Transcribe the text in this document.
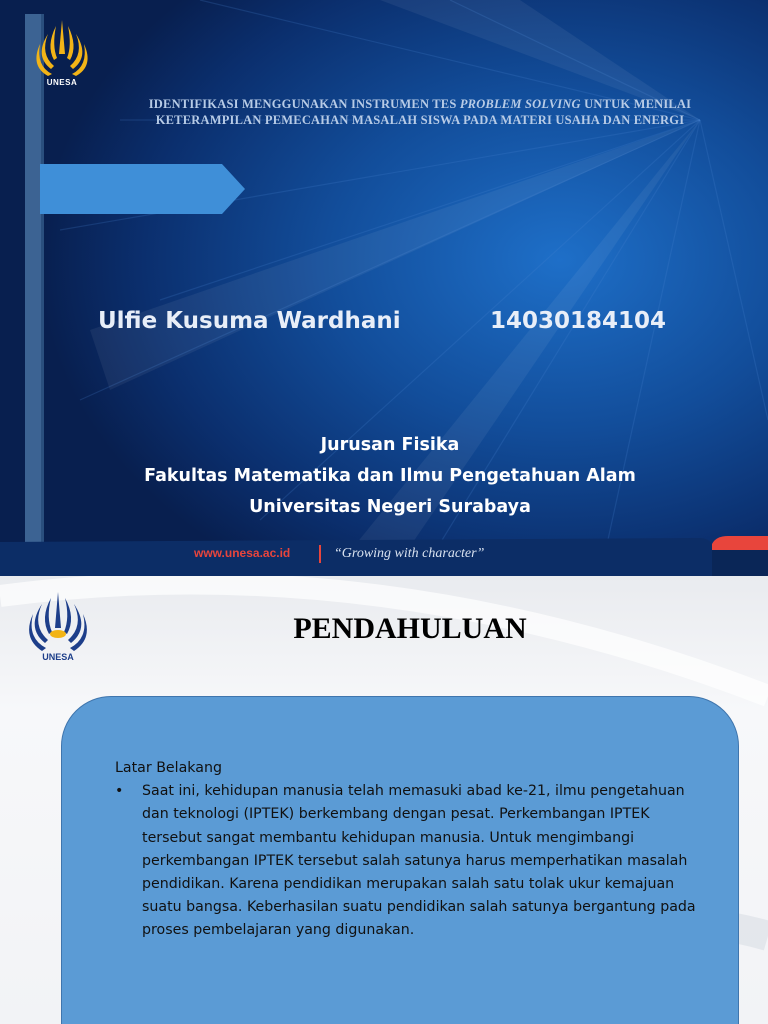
UNESA
IDENTIFIKASI MENGGUNAKAN INSTRUMEN TES PROBLEM SOLVING UNTUK MENILAI
KETERAMPILAN PEMECAHAN MASALAH SISWA PADA MATERI USAHA DAN ENERGI
Ulfie Kusuma Wardhani	14030184104
Jurusan Fisika
Fakultas Matematika dan Ilmu Pengetahuan Alam
Universitas Negeri Surabaya
www.unesa.ac.id	“Growing with character”
UNESA
PENDAHULUAN
Latar Belakang
•	Saat ini, kehidupan manusia telah memasuki abad ke-21, ilmu pengetahuan dan teknologi (IPTEK) berkembang dengan pesat. Perkembangan IPTEK tersebut sangat membantu kehidupan manusia. Untuk mengimbangi perkembangan IPTEK tersebut salah satunya harus memperhatikan masalah pendidikan. Karena pendidikan merupakan salah satu tolak ukur kemajuan suatu bangsa. Keberhasilan suatu pendidikan salah satunya bergantung pada proses pembelajaran yang digunakan.
